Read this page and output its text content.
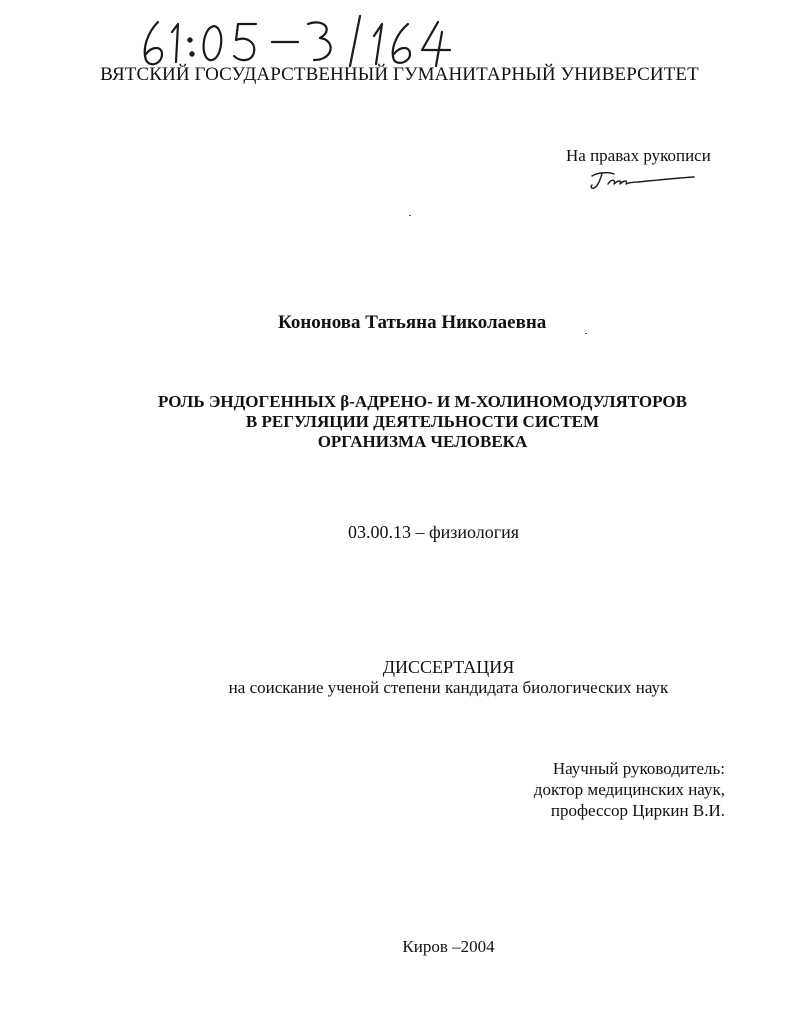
ВЯТСКИЙ ГОСУДАРСТВЕННЫЙ ГУМАНИТАРНЫЙ УНИВЕРСИТЕТ
На правах рукописи
Кононова Татьяна Николаевна
РОЛЬ ЭНДОГЕННЫХ β-АДРЕНО- И М-ХОЛИНОМОДУЛЯТОРОВ
В РЕГУЛЯЦИИ ДЕЯТЕЛЬНОСТИ СИСТЕМ
ОРГАНИЗМА ЧЕЛОВЕКА
03.00.13 – физиология
ДИССЕРТАЦИЯ
на соискание ученой степени кандидата биологических наук
Научный руководитель:
доктор медицинских наук,
профессор Циркин В.И.
Киров –2004
